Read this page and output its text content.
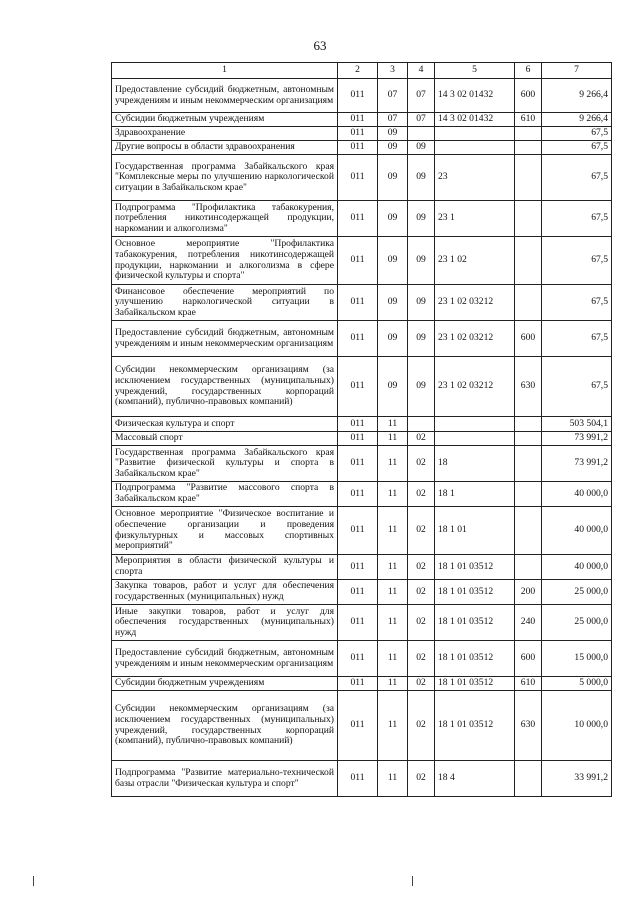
63
1	2	3	4	5	6	7
Предоставление субсидий бюджетным, автономным учреждениям и иным некоммерческим организациям	011	07	07	14 3 02 01432	600	9 266,4
Субсидии бюджетным учреждениям	011	07	07	14 3 02 01432	610	9 266,4
Здравоохранение	011	09				67,5
Другие вопросы в области здравоохранения	011	09	09			67,5
Государственная программа Забайкальского края "Комплексные меры по улучшению наркологической ситуации в Забайкальском крае"	011	09	09	23		67,5
Подпрограмма "Профилактика табакокурения, потребления никотинсодержащей продукции, наркомании и алкоголизма"	011	09	09	23 1		67,5
Основное мероприятие "Профилактика табакокурения, потребления никотинсодержащей продукции, наркомании и алкоголизма в сфере физической культуры и спорта"	011	09	09	23 1 02		67,5
Финансовое обеспечение мероприятий по улучшению наркологической ситуации в Забайкальском крае	011	09	09	23 1 02 03212		67,5
Предоставление субсидий бюджетным, автономным учреждениям и иным некоммерческим организациям	011	09	09	23 1 02 03212	600	67,5
Субсидии некоммерческим организациям (за исключением государственных (муниципальных) учреждений, государственных корпораций (компаний), публично-правовых компаний)	011	09	09	23 1 02 03212	630	67,5
Физическая культура и спорт	011	11				503 504,1
Массовый спорт	011	11	02			73 991,2
Государственная программа Забайкальского края "Развитие физической культуры и спорта в Забайкальском крае"	011	11	02	18		73 991,2
Подпрограмма "Развитие массового спорта в Забайкальском крае"	011	11	02	18 1		40 000,0
Основное мероприятие "Физическое воспитание и обеспечение организации и проведения физкультурных и массовых спортивных мероприятий"	011	11	02	18 1 01		40 000,0
Мероприятия в области физической культуры и спорта	011	11	02	18 1 01 03512		40 000,0
Закупка товаров, работ и услуг для обеспечения государственных (муниципальных) нужд	011	11	02	18 1 01 03512	200	25 000,0
Иные закупки товаров, работ и услуг для обеспечения государственных (муниципальных) нужд	011	11	02	18 1 01 03512	240	25 000,0
Предоставление субсидий бюджетным, автономным учреждениям и иным некоммерческим организациям	011	11	02	18 1 01 03512	600	15 000,0
Субсидии бюджетным учреждениям	011	11	02	18 1 01 03512	610	5 000,0
Субсидии некоммерческим организациям (за исключением государственных (муниципальных) учреждений, государственных корпораций (компаний), публично-правовых компаний)	011	11	02	18 1 01 03512	630	10 000,0
Подпрограмма "Развитие материально-технической базы отрасли "Физическая культура и спорт"	011	11	02	18 4		33 991,2
